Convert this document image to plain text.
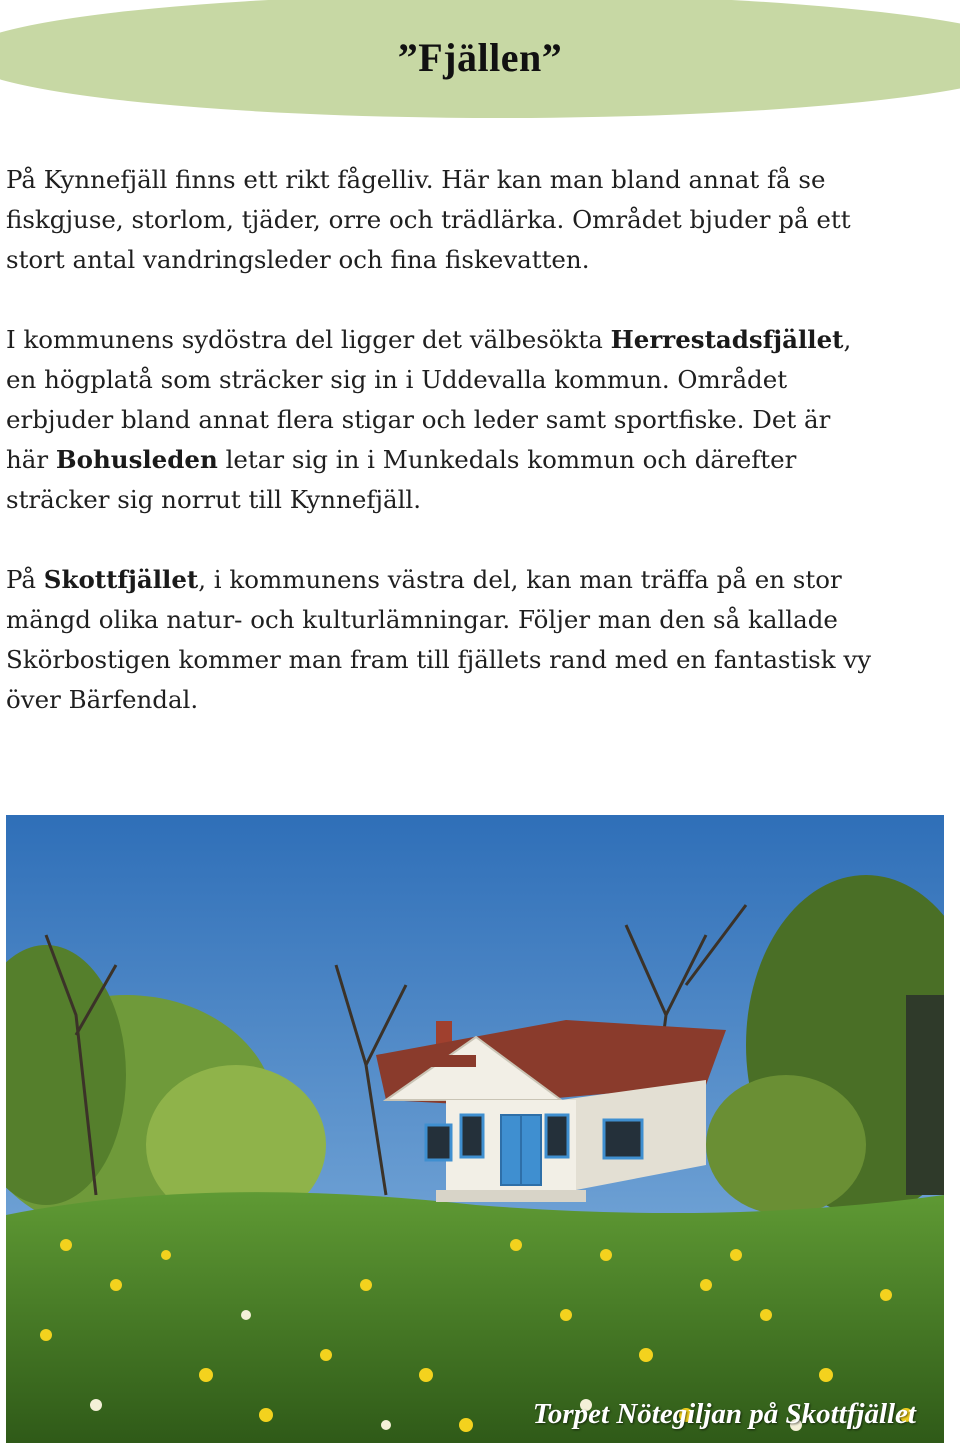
”Fjällen”

På Kynnefjäll finns ett rikt fågelliv. Här kan man bland annat få se fiskgjuse, storlom, tjäder, orre och trädlärka. Området bjuder på ett stort antal vandringsleder och fina fiskevatten.

I kommunens sydöstra del ligger det välbesökta Herrestadsfjället, en högplatå som sträcker sig in i Uddevalla kommun. Området erbjuder bland annat flera stigar och leder samt sportfiske. Det är här Bohusleden letar sig in i Munkedals kommun och därefter sträcker sig norrut till Kynnefjäll.

På Skottfjället, i kommunens västra del, kan man träffa på en stor mängd olika natur- och kulturlämningar. Följer man den så kallade Skörbostigen kommer man fram till fjällets rand med en fantastisk vy över Bärfendal.

Torpet Nötegiljan på Skottfjället
